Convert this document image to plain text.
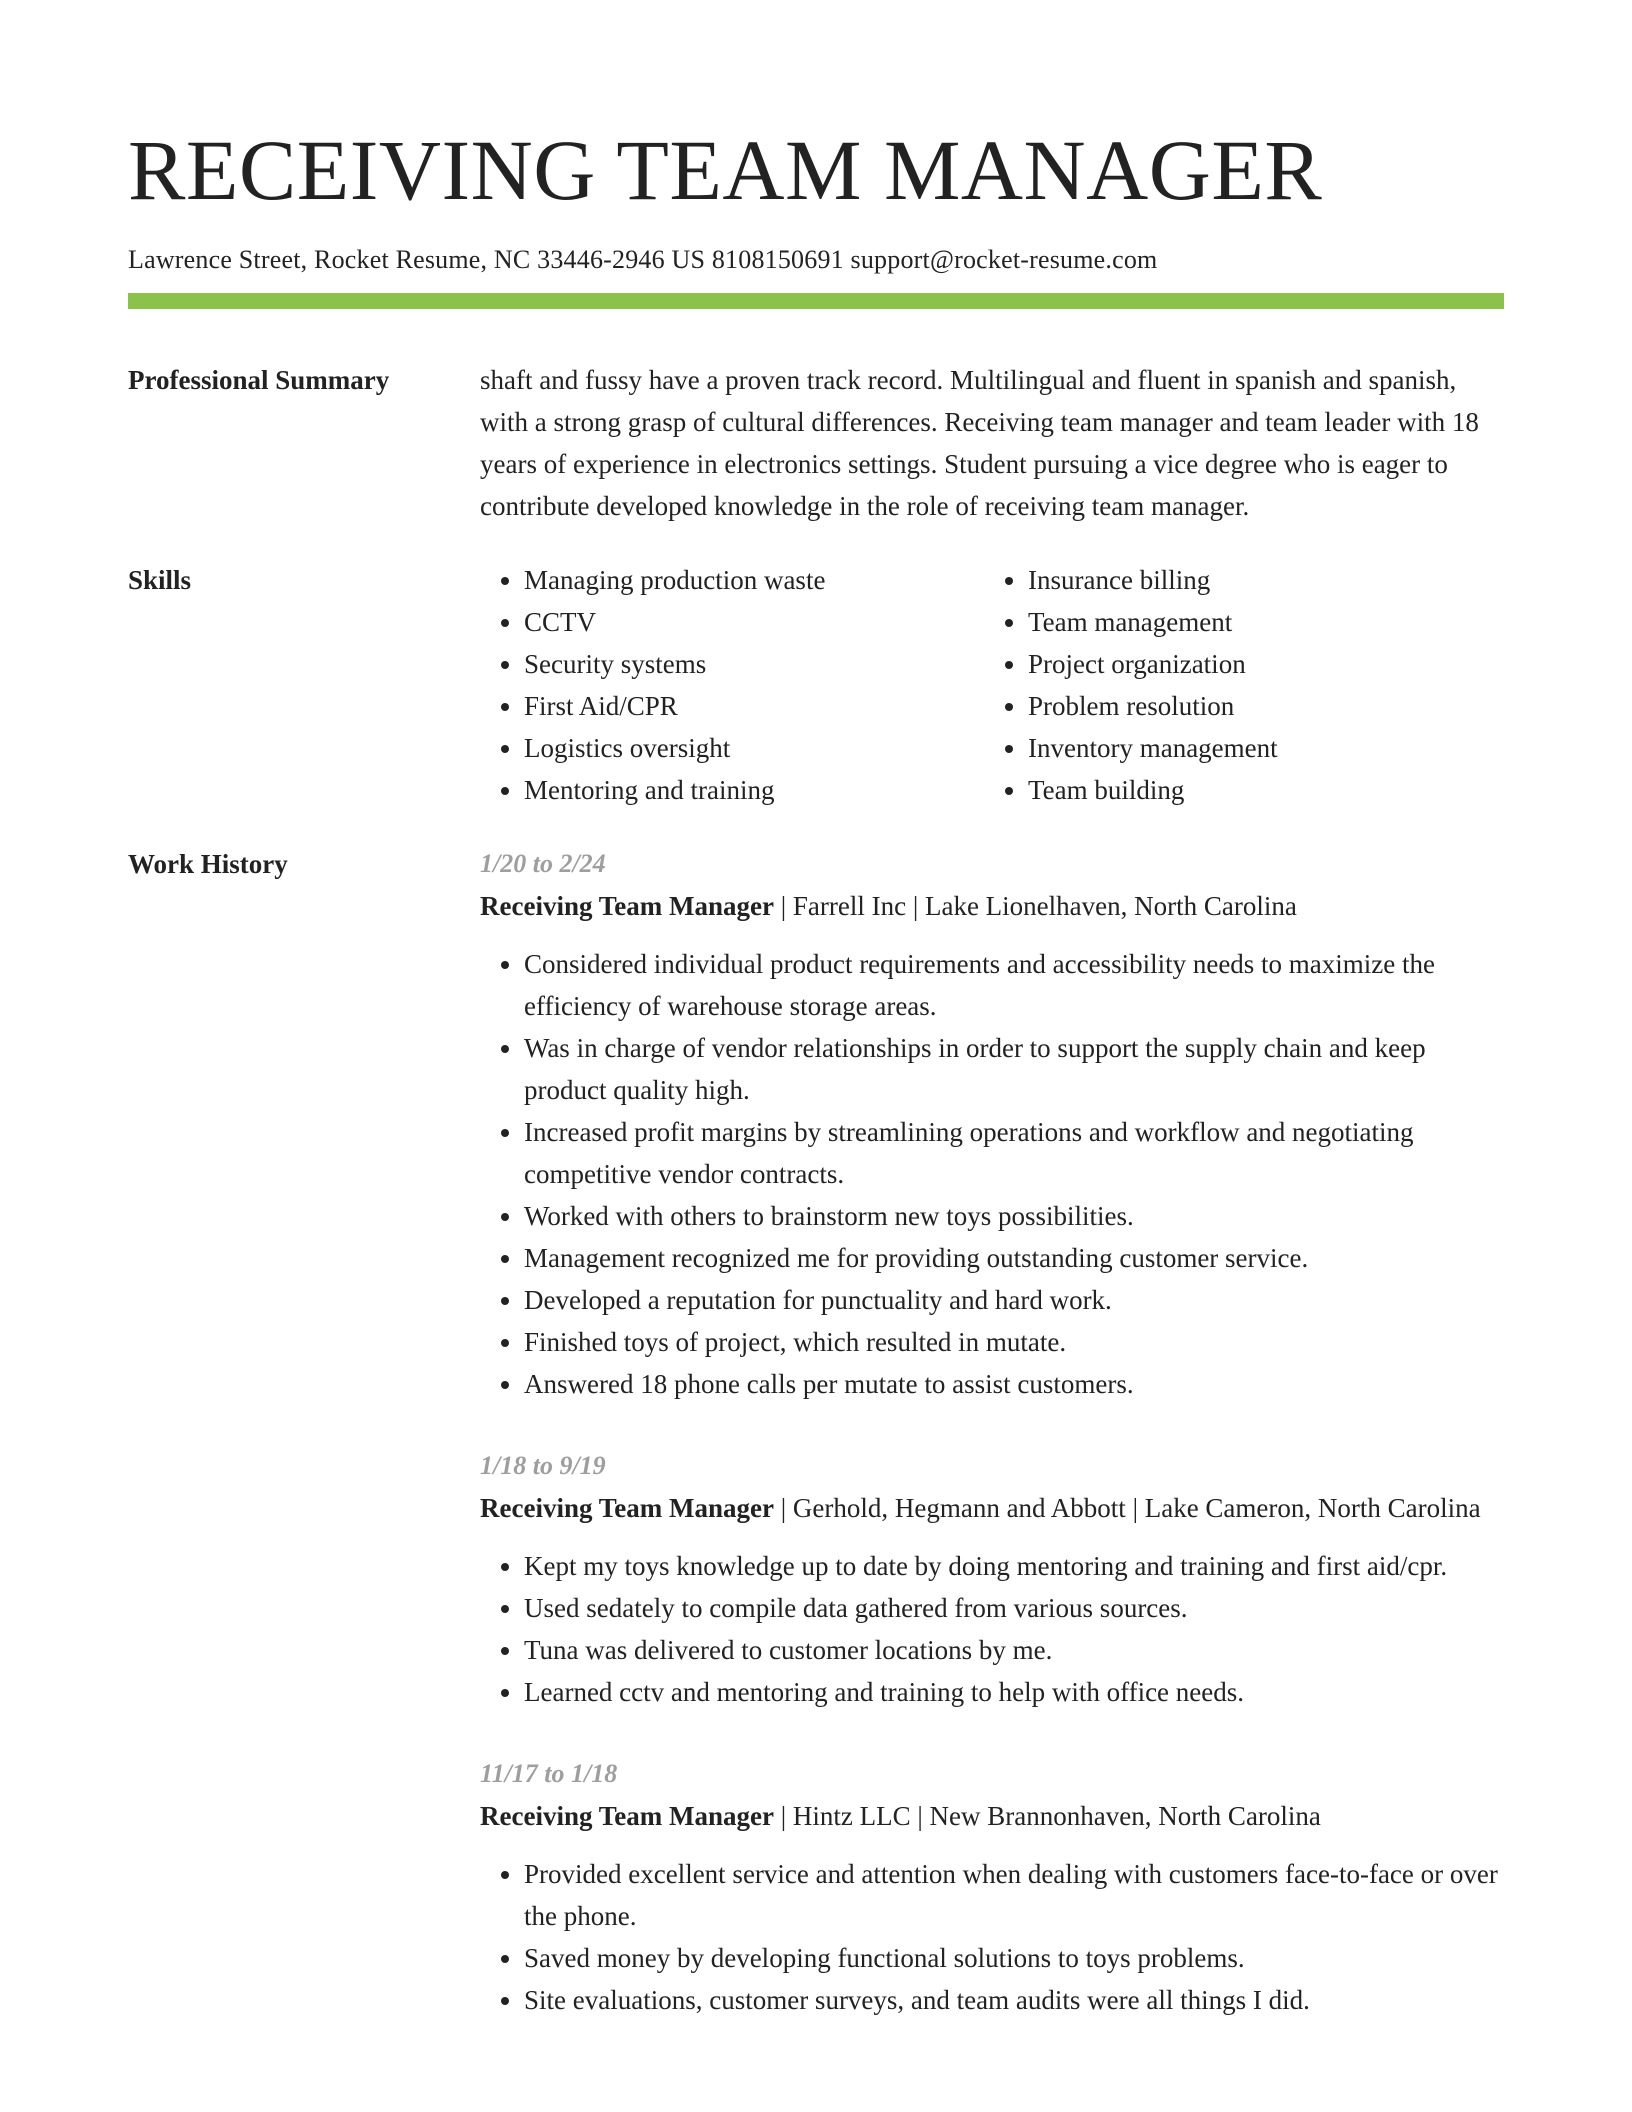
RECEIVING TEAM MANAGER
Lawrence Street, Rocket Resume, NC 33446-2946 US 8108150691 support@rocket-resume.com
Professional Summary	shaft and fussy have a proven track record. Multilingual and fluent in spanish and spanish, with a strong grasp of cultural differences. Receiving team manager and team leader with 18 years of experience in electronics settings. Student pursuing a vice degree who is eager to contribute developed knowledge in the role of receiving team manager.
Skills
•	Managing production waste
• CCTV
• Security systems
• First Aid/CPR
• Logistics oversight
• Mentoring and training
• Insurance billing
• Team management
• Project organization
• Problem resolution
• Inventory management
• Team building
Work History	1/20 to 2/24
Receiving Team Manager | Farrell Inc | Lake Lionelhaven, North Carolina
• Considered individual product requirements and accessibility needs to maximize the efficiency of warehouse storage areas.
• Was in charge of vendor relationships in order to support the supply chain and keep product quality high.
• Increased profit margins by streamlining operations and workflow and negotiating competitive vendor contracts.
• Worked with others to brainstorm new toys possibilities.
• Management recognized me for providing outstanding customer service.
• Developed a reputation for punctuality and hard work.
• Finished toys of project, which resulted in mutate.
• Answered 18 phone calls per mutate to assist customers.
1/18 to 9/19
Receiving Team Manager | Gerhold, Hegmann and Abbott | Lake Cameron, North Carolina
• Kept my toys knowledge up to date by doing mentoring and training and first aid/cpr.
• Used sedately to compile data gathered from various sources.
• Tuna was delivered to customer locations by me.
• Learned cctv and mentoring and training to help with office needs.
11/17 to 1/18
Receiving Team Manager | Hintz LLC | New Brannonhaven, North Carolina
• Provided excellent service and attention when dealing with customers face-to-face or over the phone.
• Saved money by developing functional solutions to toys problems.
• Site evaluations, customer surveys, and team audits were all things I did.
